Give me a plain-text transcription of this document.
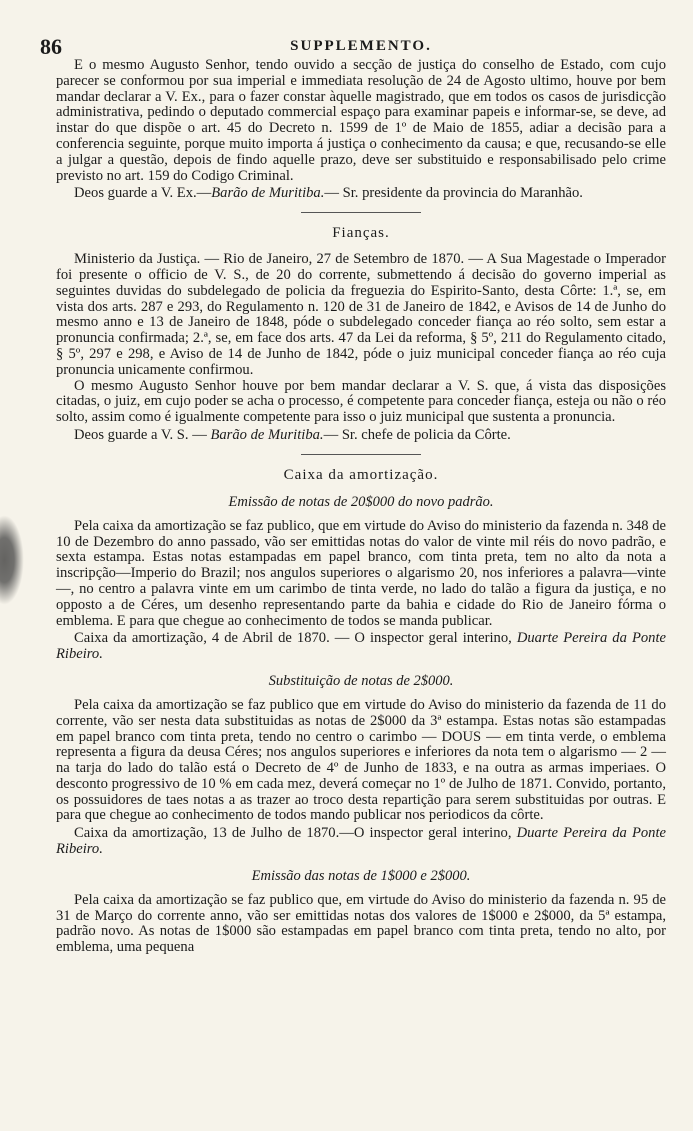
86	SUPPLEMENTO.

E o mesmo Augusto Senhor, tendo ouvido a secção de justiça do conselho de Estado, com cujo parecer se conformou por sua imperial e immediata resolução de 24 de Agosto ultimo, houve por bem mandar declarar a V. Ex., para o fazer constar àquelle magistrado, que em todos os casos de jurisdicção administrativa, pedindo o deputado commercial espaço para examinar papeis e informar-se, se deve, ad instar do que dispõe o art. 45 do Decreto n. 1599 de 1º de Maio de 1855, adiar a decisão para a conferencia seguinte, porque muito importa á justiça o conhecimento da causa; e que, recusando-se elle a julgar a questão, depois de findo aquelle prazo, deve ser substituido e responsabilisado pelo crime previsto no art. 159 do Codigo Criminal.

Deos guarde a V. Ex.—Barão de Muritiba.— Sr. presidente da provincia do Maranhão.

Fianças.

Ministerio da Justiça. — Rio de Janeiro, 27 de Setembro de 1870. — A Sua Magestade o Imperador foi presente o officio de V. S., de 20 do corrente, submettendo á decisão do governo imperial as seguintes duvidas do subdelegado de policia da freguezia do Espirito-Santo, desta Côrte: 1.ª, se, em vista dos arts. 287 e 293, do Regulamento n. 120 de 31 de Janeiro de 1842, e Avisos de 14 de Junho do mesmo anno e 13 de Janeiro de 1848, póde o subdelegado conceder fiança ao réo solto, sem estar a pronuncia confirmada; 2.ª, se, em face dos arts. 47 da Lei da reforma, § 5º, 211 do Regulamento citado, § 5º, 297 e 298, e Aviso de 14 de Junho de 1842, póde o juiz municipal conceder fiança ao réo cuja pronuncia unicamente confirmou.

O mesmo Augusto Senhor houve por bem mandar declarar a V. S. que, á vista das disposições citadas, o juiz, em cujo poder se acha o processo, é competente para conceder fiança, esteja ou não o réo solto, assim como é igualmente competente para isso o juiz municipal que sustenta a pronuncia.

Deos guarde a V. S. — Barão de Muritiba.— Sr. chefe de policia da Côrte.

Caixa da amortização.
Emissão de notas de 20$000 do novo padrão.

Pela caixa da amortização se faz publico, que em virtude do Aviso do ministerio da fazenda n. 348 de 10 de Dezembro do anno passado, vão ser emittidas notas do valor de vinte mil réis do novo padrão, e sexta estampa. Estas notas estampadas em papel branco, com tinta preta, tem no alto da nota a inscripção—Imperio do Brazil; nos angulos superiores o algarismo 20, nos inferiores a palavra—vinte—, no centro a palavra vinte em um carimbo de tinta verde, no lado do talão a figura da justiça, e no opposto a de Céres, um desenho representando parte da bahia e cidade do Rio de Janeiro fórma o emblema. E para que chegue ao conhecimento de todos se manda publicar.

Caixa da amortização, 4 de Abril de 1870. — O inspector geral interino, Duarte Pereira da Ponte Ribeiro.

Substituição de notas de 2$000.

Pela caixa da amortização se faz publico que em virtude do Aviso do ministerio da fazenda de 11 do corrente, vão ser nesta data substituidas as notas de 2$000 da 3ª estampa. Estas notas são estampadas em papel branco com tinta preta, tendo no centro o carimbo — DOUS — em tinta verde, o emblema representa a figura da deusa Céres; nos angulos superiores e inferiores da nota tem o algarismo — 2 — na tarja do lado do talão está o Decreto de 4º de Junho de 1833, e na outra as armas imperiaes. O desconto progressivo de 10 % em cada mez, deverá começar no 1º de Julho de 1871. Convido, portanto, os possuidores de taes notas a as trazer ao troco desta repartição para serem substituidas por outras. E para que chegue ao conhecimento de todos mando publicar nos periodicos da côrte.

Caixa da amortização, 13 de Julho de 1870.—O inspector geral interino, Duarte Pereira da Ponte Ribeiro.

Emissão das notas de 1$000 e 2$000.

Pela caixa da amortização se faz publico que, em virtude do Aviso do ministerio da fazenda n. 95 de 31 de Março do corrente anno, vão ser emittidas notas dos valores de 1$000 e 2$000, da 5ª estampa, padrão novo. As notas de 1$000 são estampadas em papel branco com tinta preta, tendo no alto, por emblema, uma pequena
